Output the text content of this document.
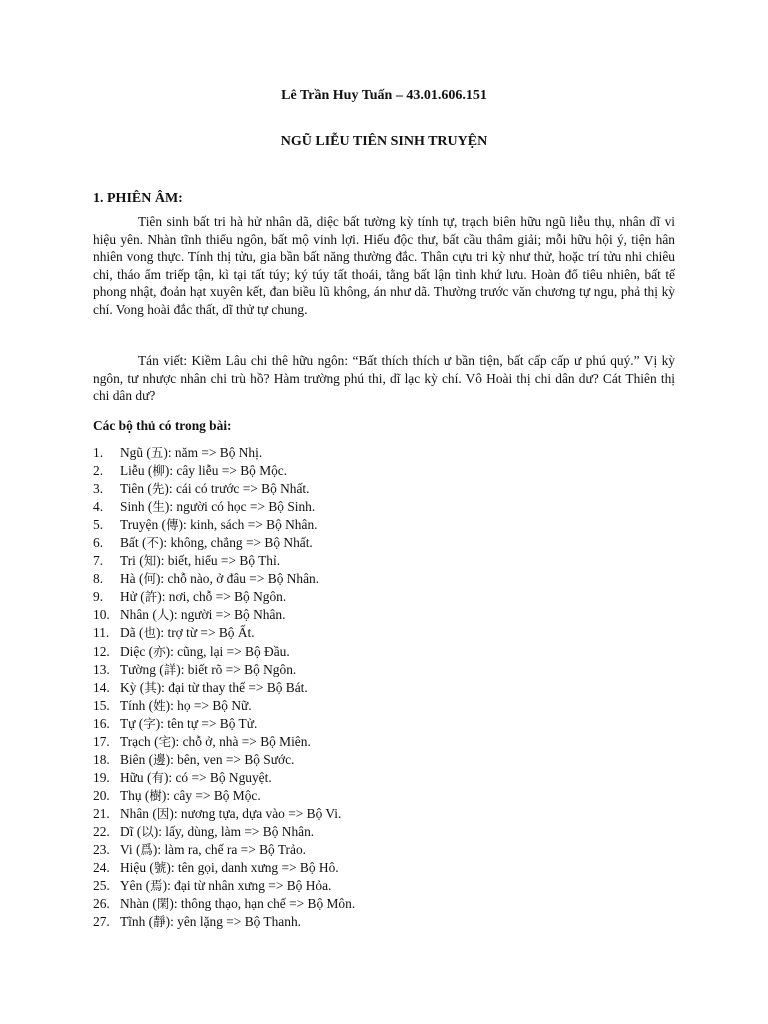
Lê Trần Huy Tuấn – 43.01.606.151
NGŨ LIỄU TIÊN SINH TRUYỆN
1. PHIÊN ÂM:

Tiên sinh bất tri hà hử nhân dã, diệc bất tường kỳ tính tự, trạch biên hữu ngũ liễu thụ, nhân dĩ vi hiệu yên. Nhàn tĩnh thiểu ngôn, bất mộ vinh lợi. Hiếu độc thư, bất cầu thâm giải; mỗi hữu hội ý, tiện hân nhiên vong thực. Tính thị tửu, gia bần bất năng thường đắc. Thân cựu tri kỳ như thử, hoặc trí tửu nhi chiêu chi, tháo ẩm triếp tận, kì tại tất túy; ký túy tất thoái, tằng bất lận tình khứ lưu. Hoàn đổ tiêu nhiên, bất tế phong nhật, đoản hạt xuyên kết, đan biều lũ không, án như dã. Thường trước văn chương tự ngu, phả thị kỳ chí. Vong hoài đắc thất, dĩ thử tự chung.

Tán viết: Kiềm Lâu chi thê hữu ngôn: “Bất thích thích ư bần tiện, bất cấp cấp ư phú quý.” Vị kỳ ngôn, tư nhược nhân chi trù hồ? Hàm trường phú thi, dĩ lạc kỳ chí. Vô Hoài thị chi dân dư? Cát Thiên thị chi dân dư?

Các bộ thủ có trong bài:
1. Ngũ (五): năm => Bộ Nhị.
2. Liễu (柳): cây liễu => Bộ Mộc.
3. Tiên (先): cái có trước => Bộ Nhất.
4. Sinh (生): người có học => Bộ Sinh.
5. Truyện (傳): kinh, sách => Bộ Nhân.
6. Bất (不): không, chẳng => Bộ Nhất.
7. Tri (知): biết, hiểu => Bộ Thỉ.
8. Hà (何): chỗ nào, ở đâu => Bộ Nhân.
9. Hử (許): nơi, chỗ => Bộ Ngôn.
10. Nhân (人): người => Bộ Nhân.
11. Dã (也): trợ từ => Bộ Ất.
12. Diệc (亦): cũng, lại => Bộ Đầu.
13. Tường (詳): biết rõ => Bộ Ngôn.
14. Kỳ (其): đại từ thay thế => Bộ Bát.
15. Tính (姓): họ => Bộ Nữ.
16. Tự (字): tên tự => Bộ Tử.
17. Trạch (宅): chỗ ở, nhà => Bộ Miên.
18. Biên (邊): bên, ven => Bộ Sước.
19. Hữu (有): có => Bộ Nguyệt.
20. Thụ (樹): cây => Bộ Mộc.
21. Nhân (因): nương tựa, dựa vào => Bộ Vi.
22. Dĩ (以): lấy, dùng, làm => Bộ Nhân.
23. Vi (爲): làm ra, chế ra => Bộ Trảo.
24. Hiệu (號): tên gọi, danh xưng => Bộ Hô.
25. Yên (焉): đại từ nhân xưng => Bộ Hỏa.
26. Nhàn (閑): thông thạo, hạn chế => Bộ Môn.
27. Tĩnh (靜): yên lặng => Bộ Thanh.
